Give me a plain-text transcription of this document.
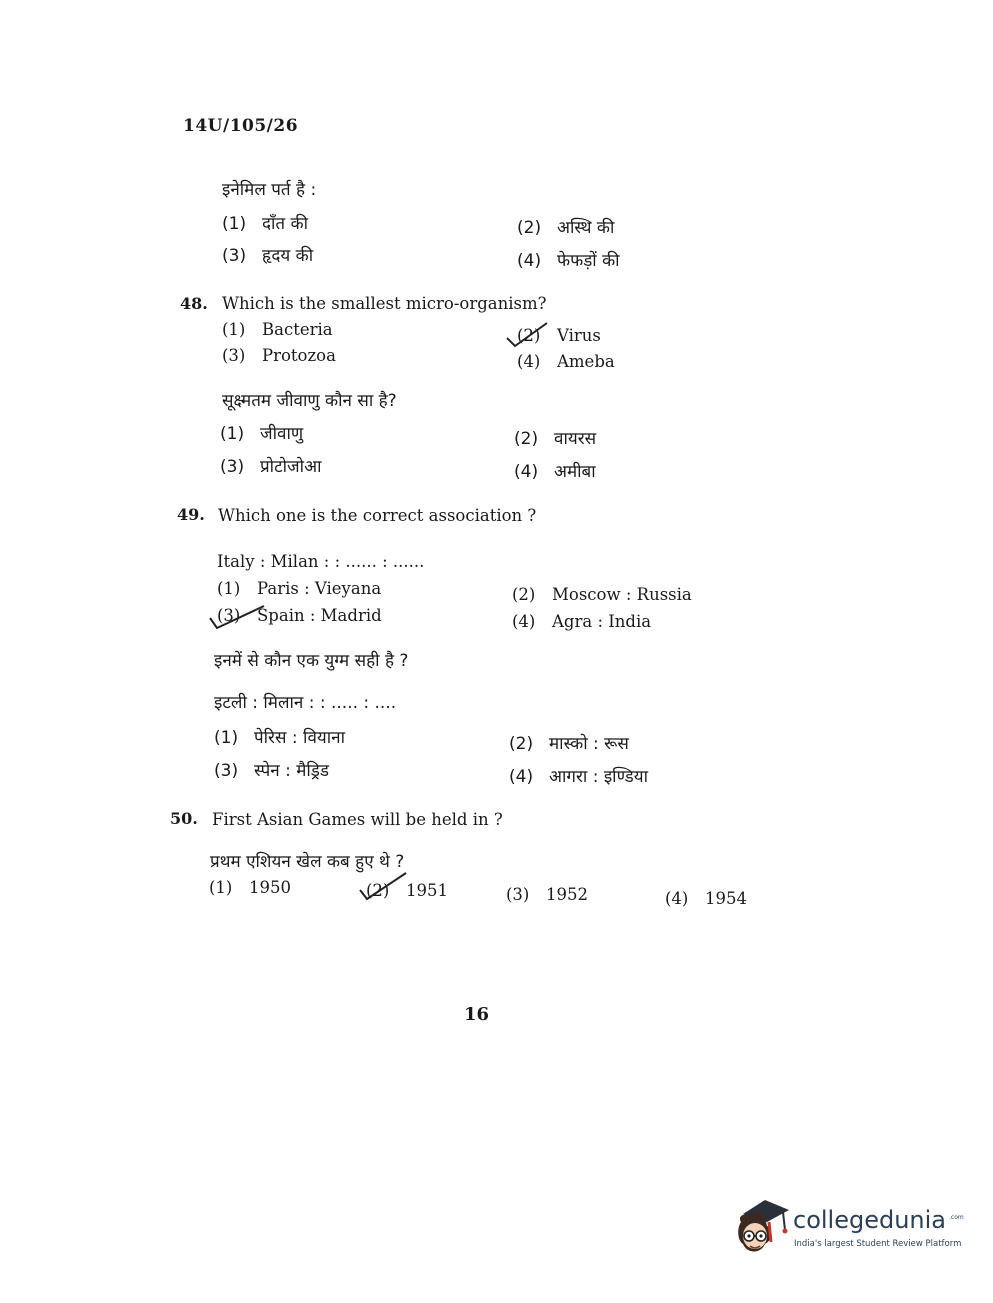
14U/105/26
इनेमिल पर्त है :
(1) दाँत की	(2) अस्थि की
(3) हृदय की	(4) फेफड़ों की
48. Which is the smallest micro-organism?
(1) Bacteria	(2) Virus
(3) Protozoa	(4) Ameba
सूक्ष्मतम जीवाणु कौन सा है?
(1) जीवाणु	(2) वायरस
(3) प्रोटोजोआ	(4) अमीबा
49. Which one is the correct association ?
Italy : Milan : : ...... : ......
(1) Paris : Vieyana	(2) Moscow : Russia
(3) Spain : Madrid	(4) Agra : India
इनमें से कौन एक युग्म सही है ?
इटली : मिलान : : ..... : ....
(1) पेरिस : वियाना	(2) मास्को : रूस
(3) स्पेन : मैड्रिड	(4) आगरा : इण्डिया
50. First Asian Games will be held in ?
प्रथम एशियन खेल कब हुए थे ?
(1) 1950	(2) 1951	(3) 1952	(4) 1954
16
collegedunia .com
India's largest Student Review Platform
